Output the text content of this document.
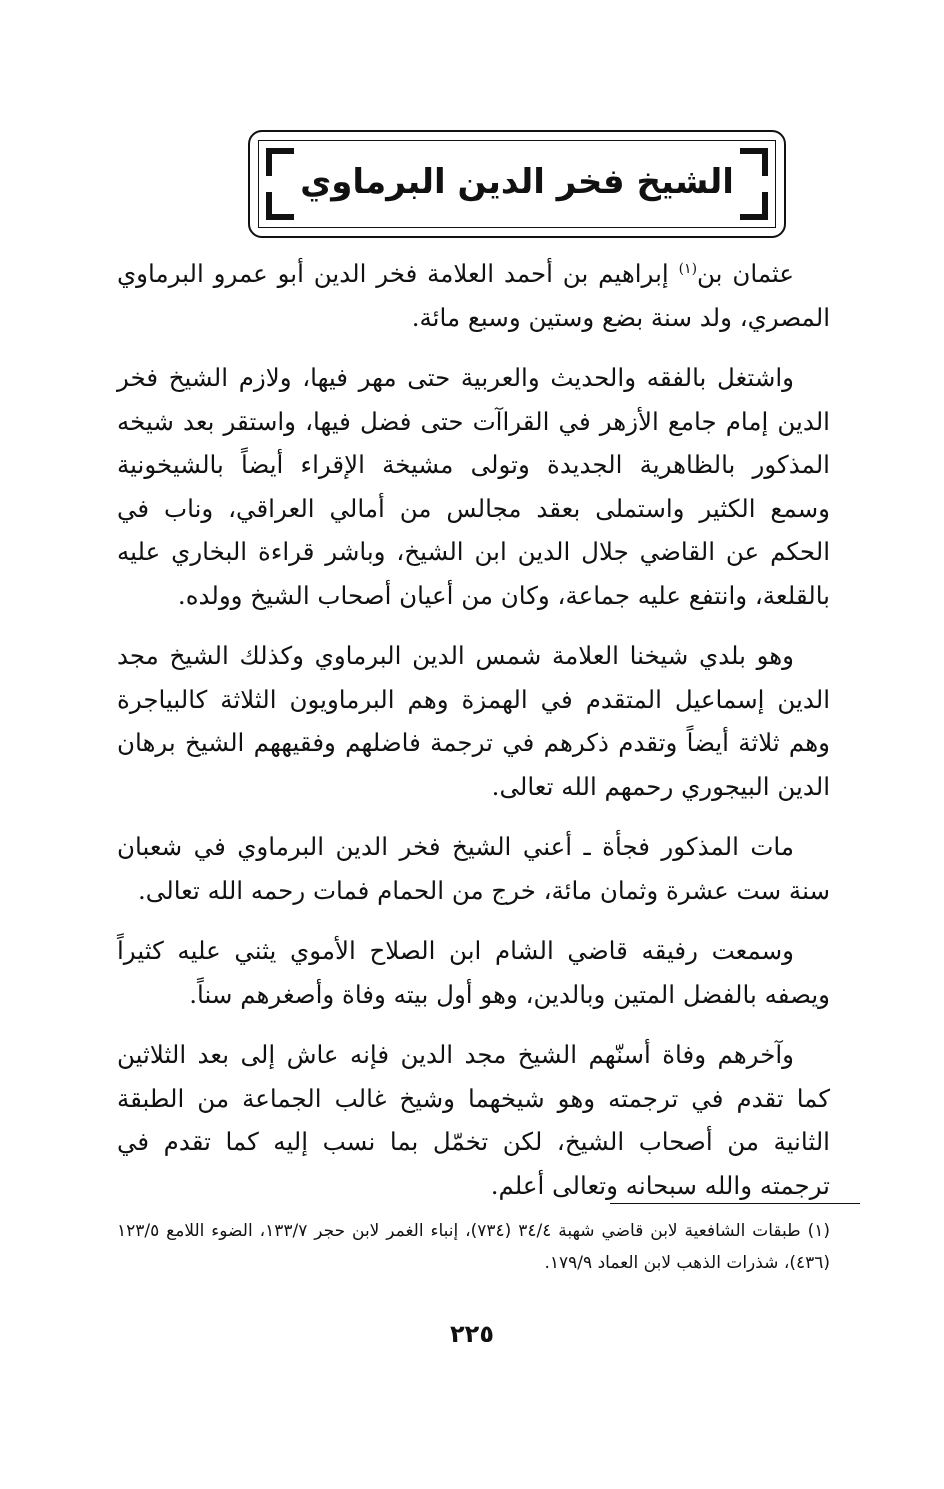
الشيخ فخر الدين البرماوي

عثمان بن$^{(١)}$ إبراهيم بن أحمد العلامة فخر الدين أبو عمرو البرماوي المصري، ولد سنة بضع وستين وسبع مائة.

واشتغل بالفقه والحديث والعربية حتى مهر فيها، ولازم الشيخ فخر الدين إمام جامع الأزهر في القراآت حتى فضل فيها، واستقر بعد شيخه المذكور بالظاهرية الجديدة وتولى مشيخة الإقراء أيضاً بالشيخونية وسمع الكثير واستملى بعقد مجالس من أمالي العراقي، وناب في الحكم عن القاضي جلال الدين ابن الشيخ، وباشر قراءة البخاري عليه بالقلعة، وانتفع عليه جماعة، وكان من أعيان أصحاب الشيخ وولده.

وهو بلدي شيخنا العلامة شمس الدين البرماوي وكذلك الشيخ مجد الدين إسماعيل المتقدم في الهمزة وهم البرماويون الثلاثة كالبياجرة وهم ثلاثة أيضاً وتقدم ذكرهم في ترجمة فاضلهم وفقيههم الشيخ برهان الدين البيجوري رحمهم الله تعالى.

مات المذكور فجأة ـ أعني الشيخ فخر الدين البرماوي في شعبان سنة ست عشرة وثمان مائة، خرج من الحمام فمات رحمه الله تعالى.

وسمعت رفيقه قاضي الشام ابن الصلاح الأموي يثني عليه كثيراً ويصفه بالفضل المتين وبالدين، وهو أول بيته وفاة وأصغرهم سناً.

وآخرهم وفاة أسنّهم الشيخ مجد الدين فإنه عاش إلى بعد الثلاثين كما تقدم في ترجمته وهو شيخهما وشيخ غالب الجماعة من الطبقة الثانية من أصحاب الشيخ، لكن تخمّل بما نسب إليه كما تقدم في ترجمته والله سبحانه وتعالى أعلم.

(١) طبقات الشافعية لابن قاضي شهبة ٣٤/٤ (٧٣٤)، إنباء الغمر لابن حجر ١٣٣/٧، الضوء اللامع ١٢٣/٥ (٤٣٦)، شذرات الذهب لابن العماد ١٧٩/٩.
٢٢٥
